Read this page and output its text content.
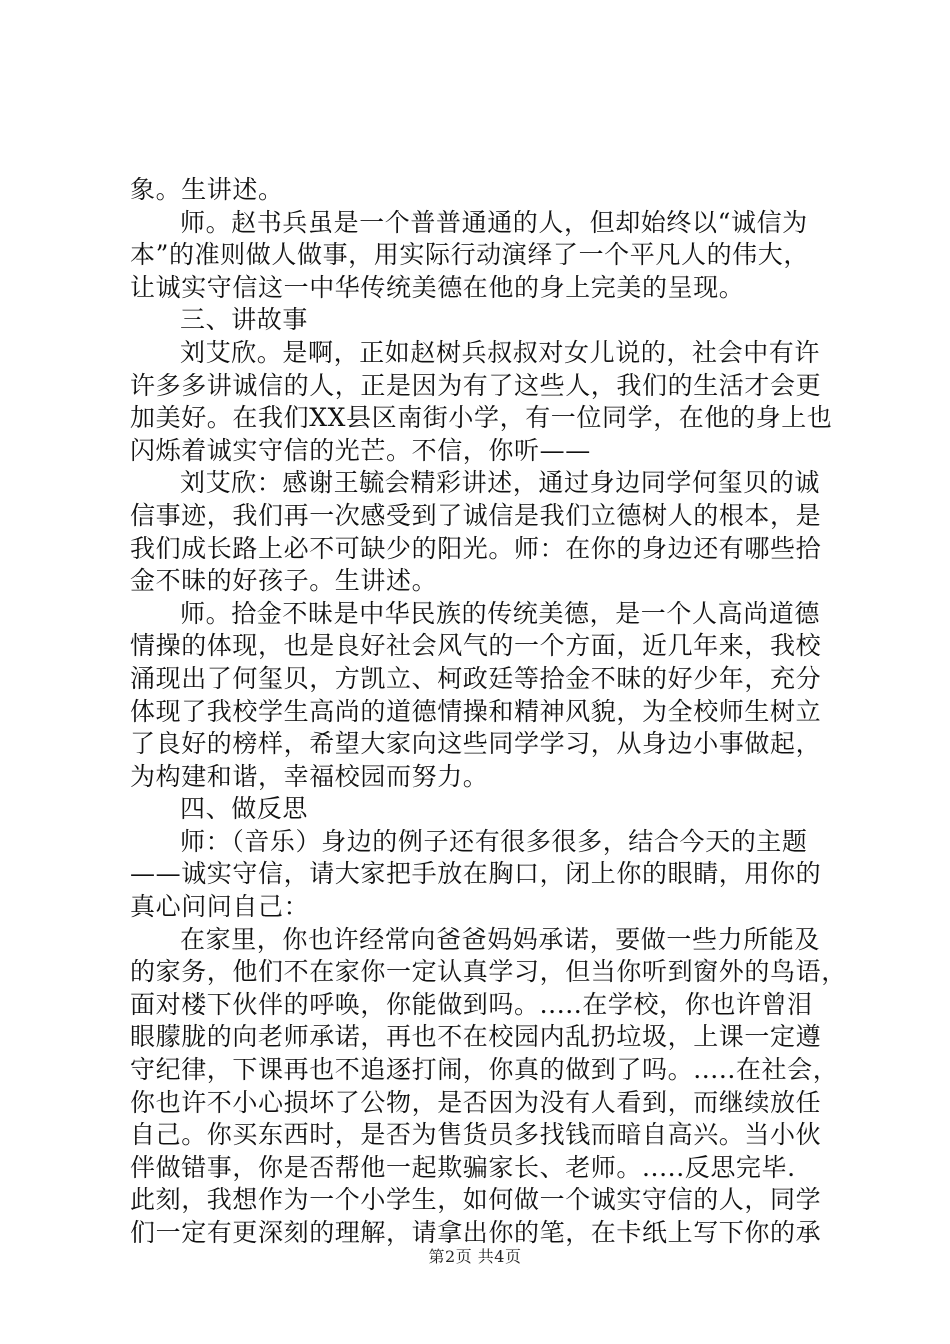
象。生讲述。
师。赵书兵虽是一个普普通通的人，但却始终以“诚信为
本”的准则做人做事，用实际行动演绎了一个平凡人的伟大，
让诚实守信这一中华传统美德在他的身上完美的呈现。
三、讲故事
刘艾欣。是啊，正如赵树兵叔叔对女儿说的，社会中有许
许多多讲诚信的人，正是因为有了这些人，我们的生活才会更
加美好。在我们XX县区南街小学，有一位同学，在他的身上也
闪烁着诚实守信的光芒。不信，你听——
刘艾欣：感谢王毓会精彩讲述，通过身边同学何玺贝的诚
信事迹，我们再一次感受到了诚信是我们立德树人的根本，是
我们成长路上必不可缺少的阳光。师：在你的身边还有哪些拾
金不昧的好孩子。生讲述。
师。拾金不昧是中华民族的传统美德，是一个人高尚道德
情操的体现，也是良好社会风气的一个方面，近几年来，我校
涌现出了何玺贝，方凯立、柯政廷等拾金不昧的好少年，充分
体现了我校学生高尚的道德情操和精神风貌，为全校师生树立
了良好的榜样，希望大家向这些同学学习，从身边小事做起，
为构建和谐，幸福校园而努力。
四、做反思
师：（音乐）身边的例子还有很多很多，结合今天的主题
——诚实守信，请大家把手放在胸口，闭上你的眼睛，用你的
真心问问自己：
在家里，你也许经常向爸爸妈妈承诺，要做一些力所能及
的家务，他们不在家你一定认真学习，但当你听到窗外的鸟语，
面对楼下伙伴的呼唤，你能做到吗。.....在学校，你也许曾泪
眼朦胧的向老师承诺，再也不在校园内乱扔垃圾，上课一定遵
守纪律，下课再也不追逐打闹，你真的做到了吗。.....在社会，
你也许不小心损坏了公物，是否因为没有人看到，而继续放任
自己。你买东西时，是否为售货员多找钱而暗自高兴。当小伙
伴做错事，你是否帮他一起欺骗家长、老师。.....反思完毕.
此刻，我想作为一个小学生，如何做一个诚实守信的人，同学
们一定有更深刻的理解，请拿出你的笔，在卡纸上写下你的承
第2页 共4页
